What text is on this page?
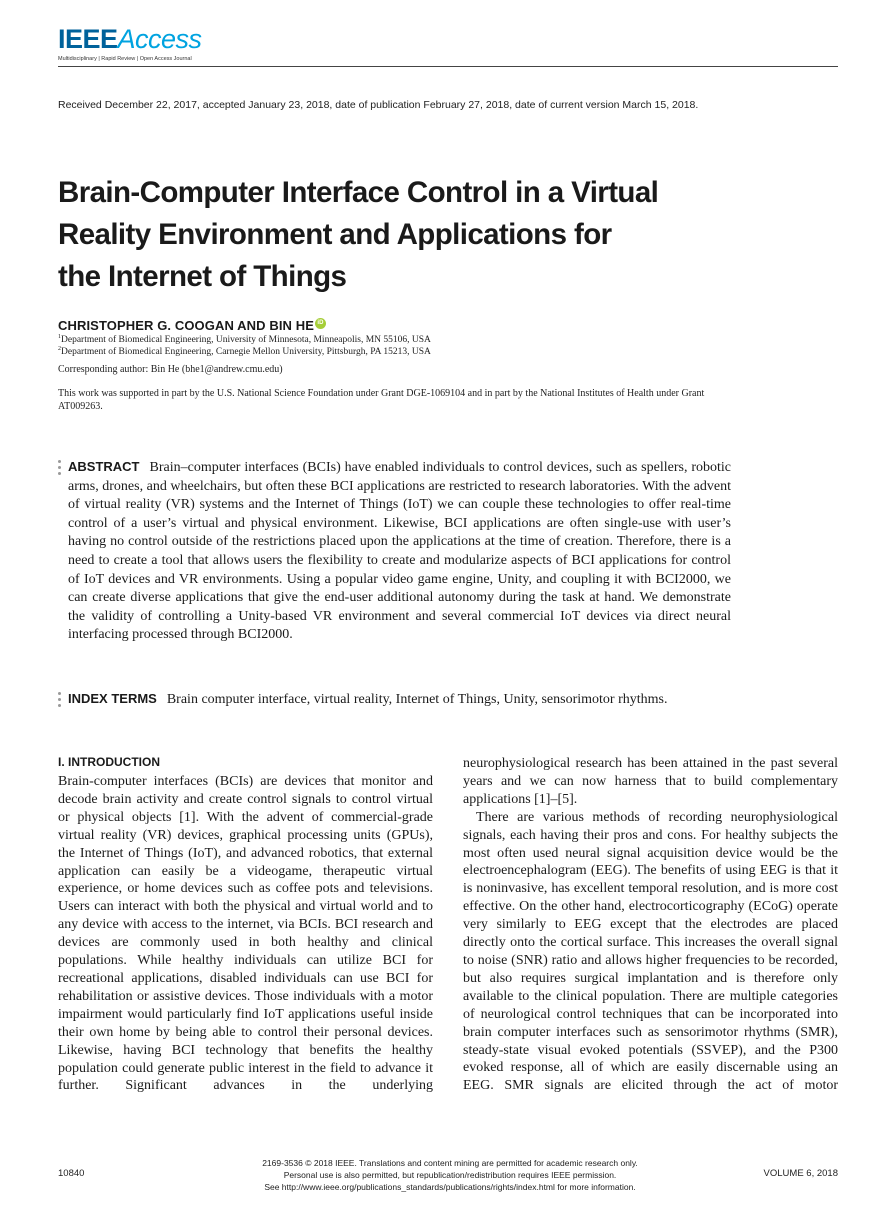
IEEEAccess
Multidisciplinary | Rapid Review | Open Access Journal
Received December 22, 2017, accepted January 23, 2018, date of publication February 27, 2018, date of current version March 15, 2018.
Brain-Computer Interface Control in a Virtual
Reality Environment and Applications for
the Internet of Things
CHRISTOPHER G. COOGAN AND BIN HE iD
$^1$Department of Biomedical Engineering, University of Minnesota, Minneapolis, MN 55106, USA
$^2$Department of Biomedical Engineering, Carnegie Mellon University, Pittsburgh, PA 15213, USA
Corresponding author: Bin He (bhe1@andrew.cmu.edu)
This work was supported in part by the U.S. National Science Foundation under Grant DGE-1069104 and in part by the National Institutes of Health under Grant AT009263.
ABSTRACT Brain–computer interfaces (BCIs) have enabled individuals to control devices, such as spellers, robotic arms, drones, and wheelchairs, but often these BCI applications are restricted to research laboratories. With the advent of virtual reality (VR) systems and the Internet of Things (IoT) we can couple these technologies to offer real-time control of a user’s virtual and physical environment. Likewise, BCI applications are often single-use with user’s having no control outside of the restrictions placed upon the applications at the time of creation. Therefore, there is a need to create a tool that allows users the flexibility to create and modularize aspects of BCI applications for control of IoT devices and VR environments. Using a popular video game engine, Unity, and coupling it with BCI2000, we can create diverse applications that give the end-user additional autonomy during the task at hand. We demonstrate the validity of controlling a Unity-based VR environment and several commercial IoT devices via direct neural interfacing processed through BCI2000.
INDEX TERMS Brain computer interface, virtual reality, Internet of Things, Unity, sensorimotor rhythms.
I. INTRODUCTION
Brain-computer interfaces (BCIs) are devices that monitor and decode brain activity and create control signals to control virtual or physical objects [1]. With the advent of commercial-grade virtual reality (VR) devices, graphical processing units (GPUs), the Internet of Things (IoT), and advanced robotics, that external application can easily be a videogame, therapeutic virtual experience, or home devices such as coffee pots and televisions. Users can interact with both the physical and virtual world and to any device with access to the internet, via BCIs. BCI research and devices are commonly used in both healthy and clinical populations. While healthy individuals can utilize BCI for recreational applications, disabled individuals can use BCI for rehabilitation or assistive devices. Those individuals with a motor impairment would particularly find IoT applications useful inside their own home by being able to control their personal devices. Likewise, having BCI technology that benefits the healthy population could generate public interest in the field to advance it further. Significant advances in the underlying

neurophysiological research has been attained in the past several years and we can now harness that to build complementary applications [1]–[5].

There are various methods of recording neurophysiological signals, each having their pros and cons. For healthy subjects the most often used neural signal acquisition device would be the electroencephalogram (EEG). The benefits of using EEG is that it is noninvasive, has excellent temporal resolution, and is more cost effective. On the other hand, electrocorticography (ECoG) operate very similarly to EEG except that the electrodes are placed directly onto the cortical surface. This increases the overall signal to noise (SNR) ratio and allows higher frequencies to be recorded, but also requires surgical implantation and is therefore only available to the clinical population. There are multiple categories of neurological control techniques that can be incorporated into brain computer interfaces such as sensorimotor rhythms (SMR), steady-state visual evoked potentials (SSVEP), and the P300 evoked response, all of which are easily discernable using an EEG. SMR signals are elicited through the act of motor

2169-3536 © 2018 IEEE. Translations and content mining are permitted for academic research only.
Personal use is also permitted, but republication/redistribution requires IEEE permission.
See http://www.ieee.org/publications_standards/publications/rights/index.html for more information.
10840	VOLUME 6, 2018
